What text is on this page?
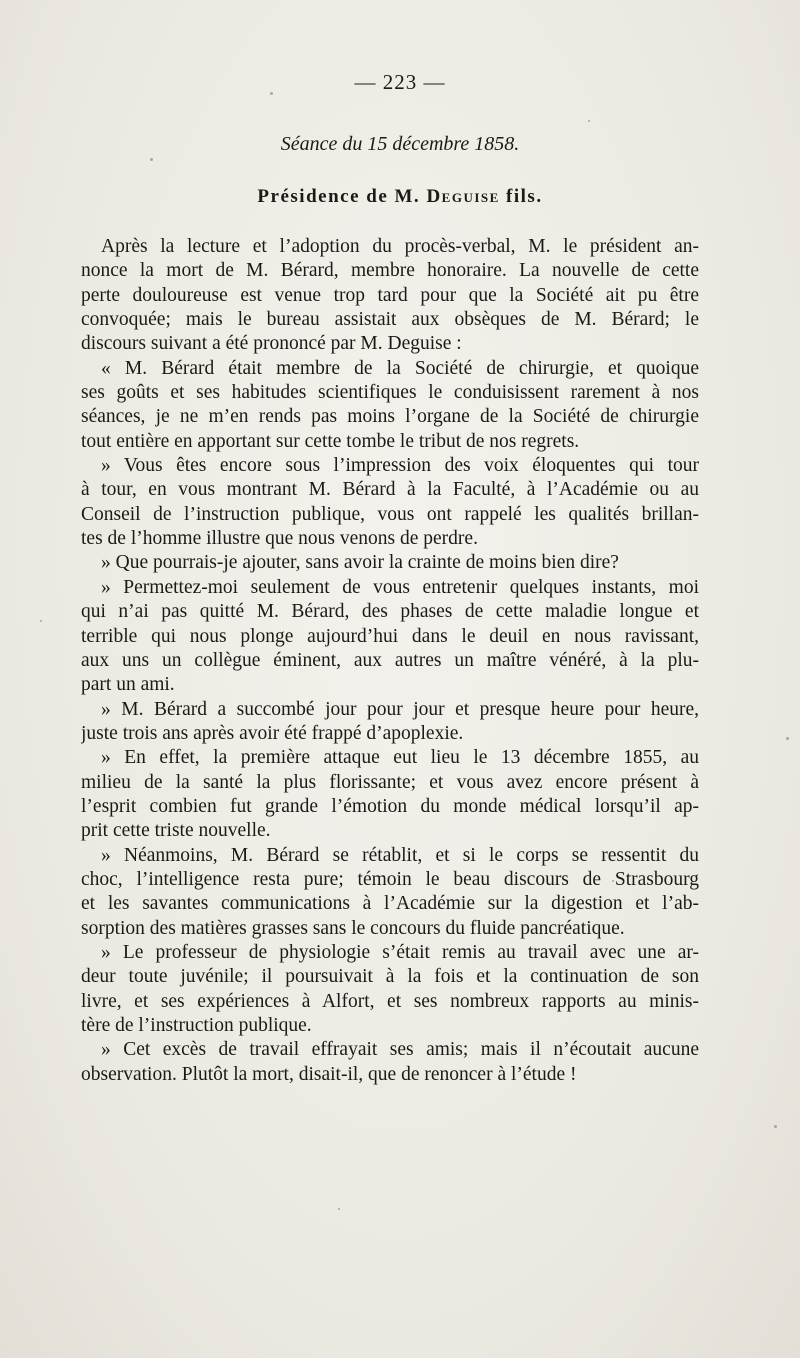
— 223 —
Séance du 15 décembre 1858.
Présidence de M. Deguise fils.
Après la lecture et l’adoption du procès-verbal, M. le président an-
nonce la mort de M. Bérard, membre honoraire. La nouvelle de cette
perte douloureuse est venue trop tard pour que la Société ait pu être
convoquée; mais le bureau assistait aux obsèques de M. Bérard; le
discours suivant a été prononcé par M. Deguise :
« M. Bérard était membre de la Société de chirurgie, et quoique
ses goûts et ses habitudes scientifiques le conduisissent rarement à nos
séances, je ne m’en rends pas moins l’organe de la Société de chirurgie
tout entière en apportant sur cette tombe le tribut de nos regrets.
» Vous êtes encore sous l’impression des voix éloquentes qui tour
à tour, en vous montrant M. Bérard à la Faculté, à l’Académie ou au
Conseil de l’instruction publique, vous ont rappelé les qualités brillan-
tes de l’homme illustre que nous venons de perdre.
» Que pourrais-je ajouter, sans avoir la crainte de moins bien dire?
» Permettez-moi seulement de vous entretenir quelques instants, moi
qui n’ai pas quitté M. Bérard, des phases de cette maladie longue et
terrible qui nous plonge aujourd’hui dans le deuil en nous ravissant,
aux uns un collègue éminent, aux autres un maître vénéré, à la plu-
part un ami.
» M. Bérard a succombé jour pour jour et presque heure pour heure,
juste trois ans après avoir été frappé d’apoplexie.
» En effet, la première attaque eut lieu le 13 décembre 1855, au
milieu de la santé la plus florissante; et vous avez encore présent à
l’esprit combien fut grande l’émotion du monde médical lorsqu’il ap-
prit cette triste nouvelle.
» Néanmoins, M. Bérard se rétablit, et si le corps se ressentit du
choc, l’intelligence resta pure; témoin le beau discours de Strasbourg
et les savantes communications à l’Académie sur la digestion et l’ab-
sorption des matières grasses sans le concours du fluide pancréatique.
» Le professeur de physiologie s’était remis au travail avec une ar-
deur toute juvénile; il poursuivait à la fois et la continuation de son
livre, et ses expériences à Alfort, et ses nombreux rapports au minis-
tère de l’instruction publique.
» Cet excès de travail effrayait ses amis; mais il n’écoutait aucune
observation. Plutôt la mort, disait-il, que de renoncer à l’étude !
